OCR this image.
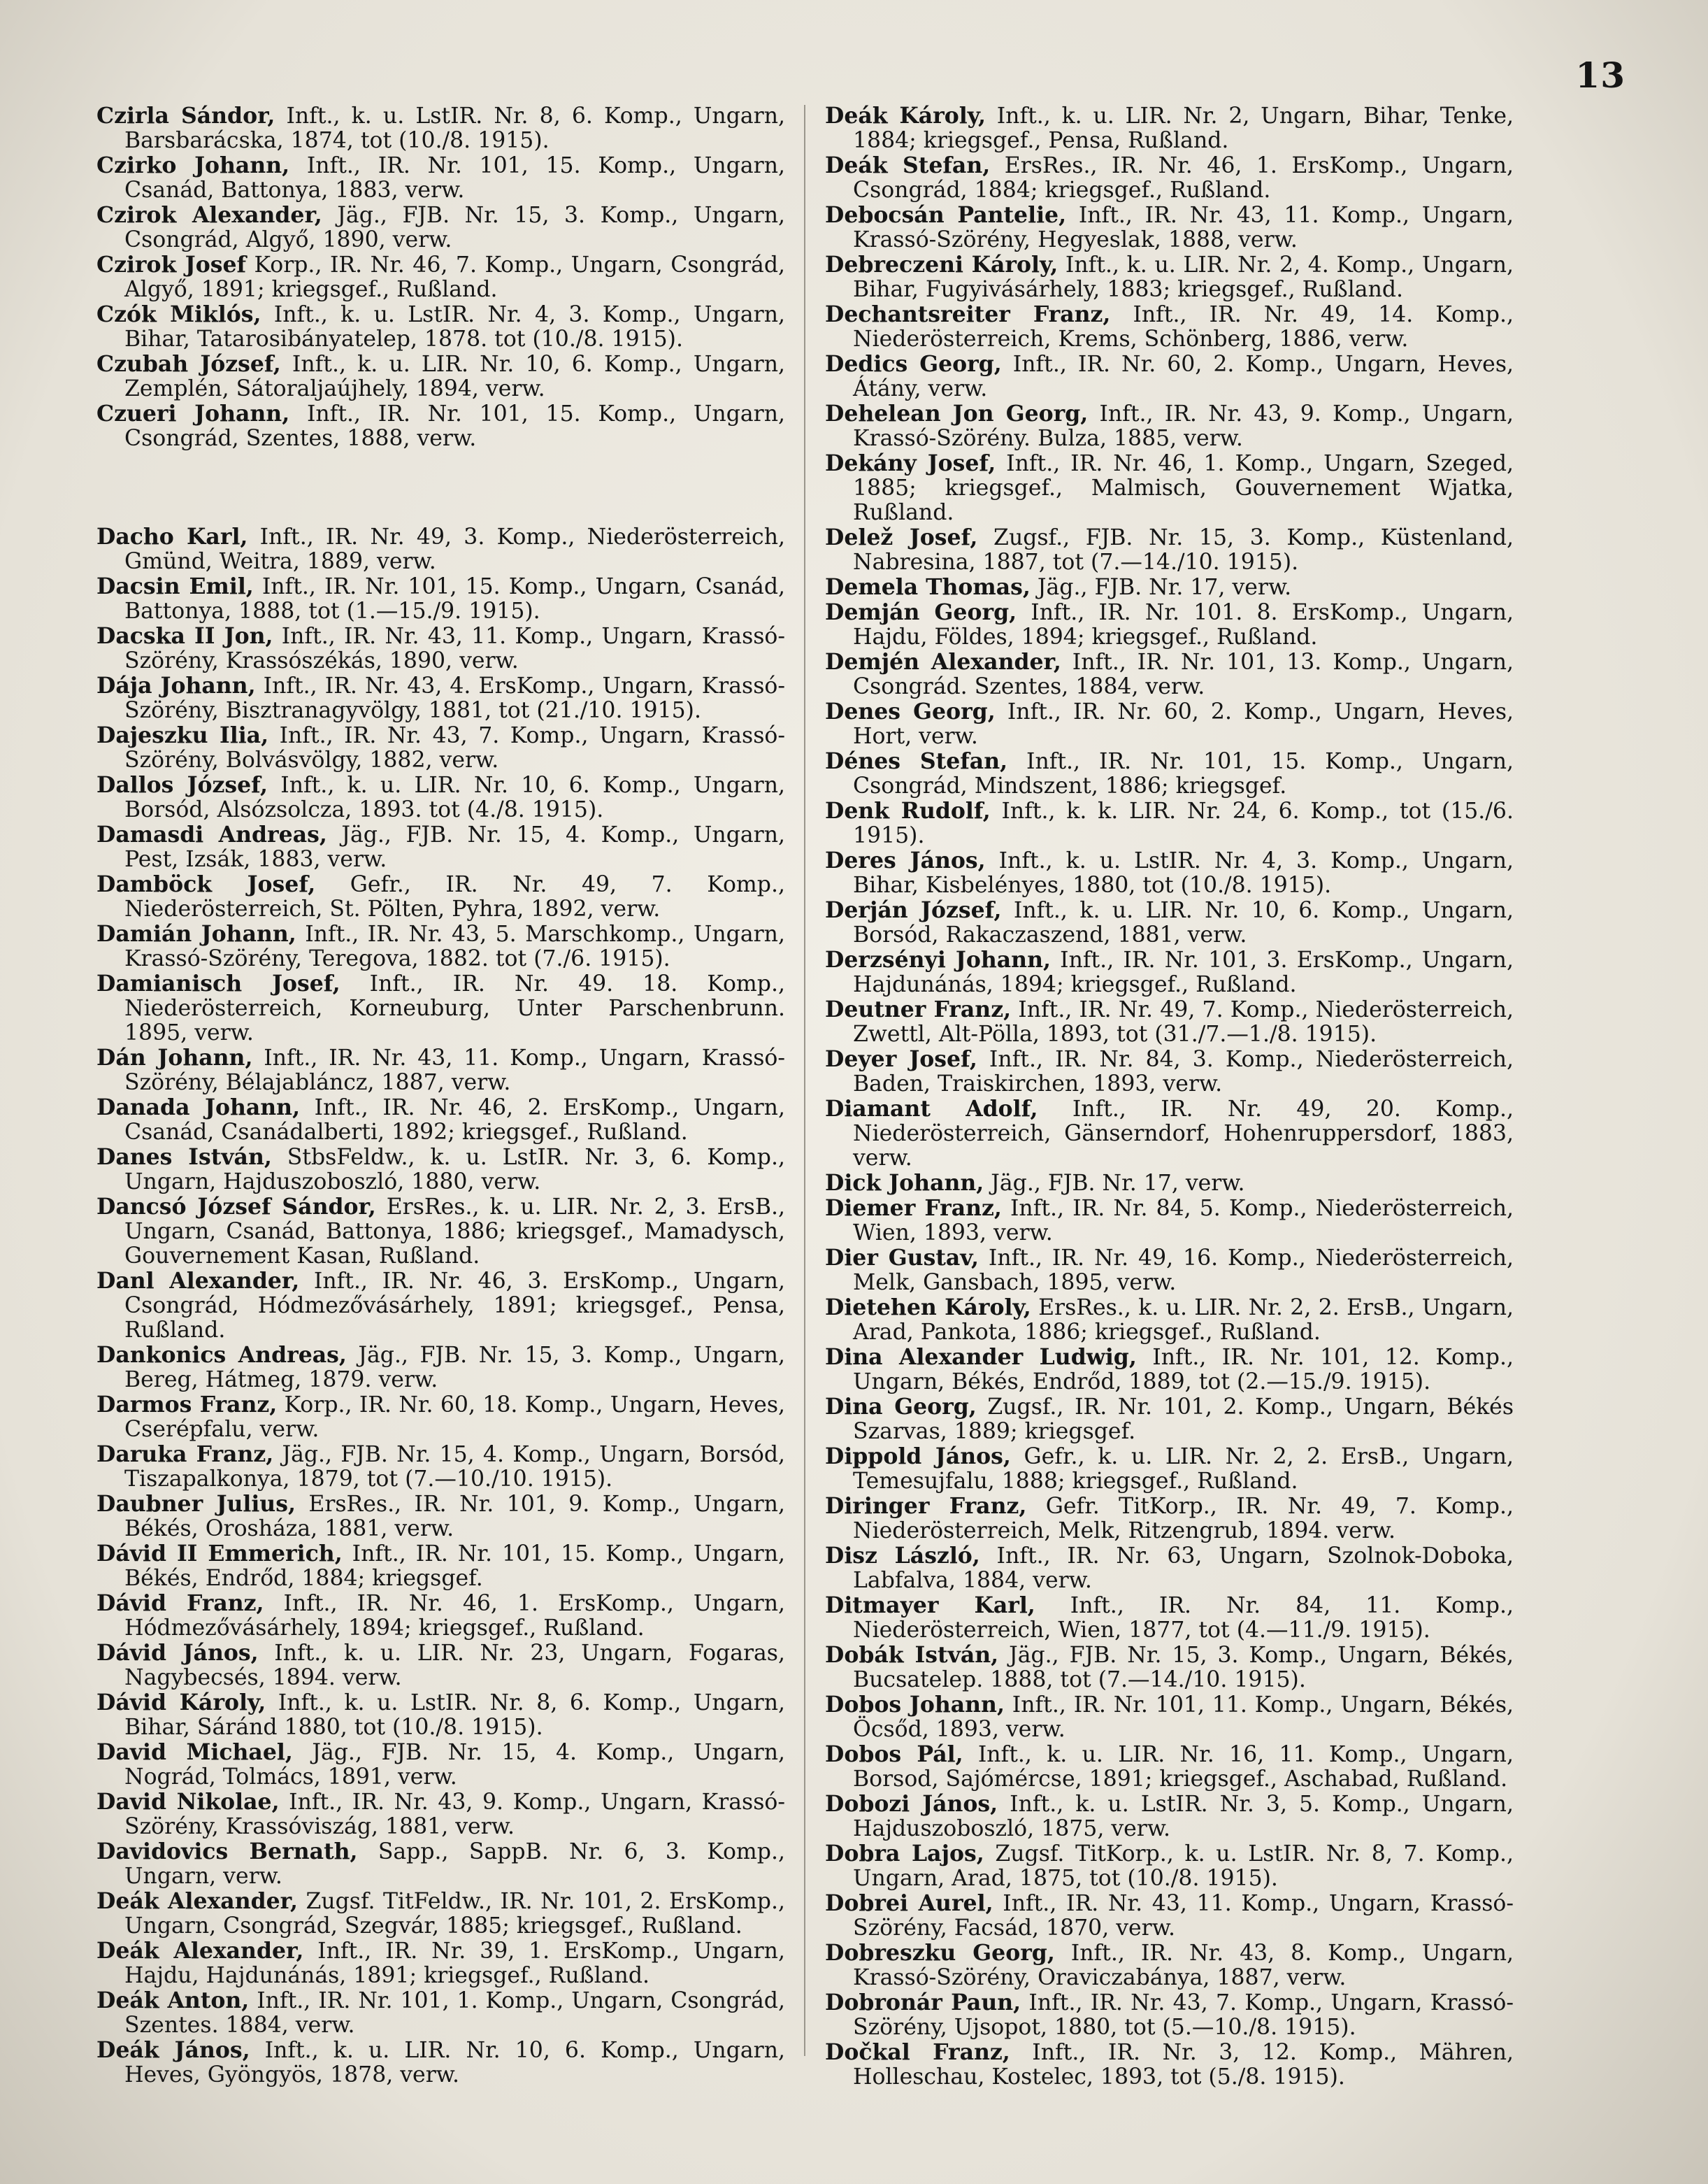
13

Czirla Sándor, Inft., k. u. LstIR. Nr. 8, 6. Komp., Ungarn, Barsbarácska, 1874, tot (10./8. 1915).

Czirko Johann, Inft., IR. Nr. 101, 15. Komp., Ungarn, Csanád, Battonya, 1883, verw.

Czirok Alexander, Jäg., FJB. Nr. 15, 3. Komp., Ungarn, Csongrád, Algyő, 1890, verw.

Czirok Josef Korp., IR. Nr. 46, 7. Komp., Ungarn, Csongrád, Algyő, 1891; kriegsgef., Rußland.

Czók Miklós, Inft., k. u. LstIR. Nr. 4, 3. Komp., Ungarn, Bihar, Tatarosibányatelep, 1878. tot (10./8. 1915).

Czubah József, Inft., k. u. LIR. Nr. 10, 6. Komp., Ungarn, Zemplén, Sátoraljaújhely, 1894, verw.

Czueri Johann, Inft., IR. Nr. 101, 15. Komp., Ungarn, Csongrád, Szentes, 1888, verw.

Dacho Karl, Inft., IR. Nr. 49, 3. Komp., Niederösterreich, Gmünd, Weitra, 1889, verw.

Dacsin Emil, Inft., IR. Nr. 101, 15. Komp., Ungarn, Csanád, Battonya, 1888, tot (1.—15./9. 1915).

Dacska II Jon, Inft., IR. Nr. 43, 11. Komp., Ungarn, Krassó-Szörény, Krassószékás, 1890, verw.

Dája Johann, Inft., IR. Nr. 43, 4. ErsKomp., Ungarn, Krassó-Szörény, Bisztranagyvölgy, 1881, tot (21./10. 1915).

Dajeszku Ilia, Inft., IR. Nr. 43, 7. Komp., Ungarn, Krassó-Szörény, Bolvásvölgy, 1882, verw.

Dallos József, Inft., k. u. LIR. Nr. 10, 6. Komp., Ungarn, Borsód, Alsózsolcza, 1893. tot (4./8. 1915).

Damasdi Andreas, Jäg., FJB. Nr. 15, 4. Komp., Ungarn, Pest, Izsák, 1883, verw.

Damböck Josef, Gefr., IR. Nr. 49, 7. Komp., Niederösterreich, St. Pölten, Pyhra, 1892, verw.

Damián Johann, Inft., IR. Nr. 43, 5. Marschkomp., Ungarn, Krassó-Szörény, Teregova, 1882. tot (7./6. 1915).

Damianisch Josef, Inft., IR. Nr. 49. 18. Komp., Niederösterreich, Korneuburg, Unter Parschenbrunn. 1895, verw.

Dán Johann, Inft., IR. Nr. 43, 11. Komp., Ungarn, Krassó-Szörény, Bélajabláncz, 1887, verw.

Danada Johann, Inft., IR. Nr. 46, 2. ErsKomp., Ungarn, Csanád, Csanádalberti, 1892; kriegsgef., Rußland.

Danes István, StbsFeldw., k. u. LstIR. Nr. 3, 6. Komp., Ungarn, Hajduszoboszló, 1880, verw.

Dancsó József Sándor, ErsRes., k. u. LIR. Nr. 2, 3. ErsB., Ungarn, Csanád, Battonya, 1886; kriegsgef., Mamadysch, Gouvernement Kasan, Rußland.

Danl Alexander, Inft., IR. Nr. 46, 3. ErsKomp., Ungarn, Csongrád, Hódmezővásárhely, 1891; kriegsgef., Pensa, Rußland.

Dankonics Andreas, Jäg., FJB. Nr. 15, 3. Komp., Ungarn, Bereg, Hátmeg, 1879. verw.

Darmos Franz, Korp., IR. Nr. 60, 18. Komp., Ungarn, Heves, Cserépfalu, verw.

Daruka Franz, Jäg., FJB. Nr. 15, 4. Komp., Ungarn, Borsód, Tiszapalkonya, 1879, tot (7.—10./10. 1915).

Daubner Julius, ErsRes., IR. Nr. 101, 9. Komp., Ungarn, Békés, Orosháza, 1881, verw.

Dávid II Emmerich, Inft., IR. Nr. 101, 15. Komp., Ungarn, Békés, Endrőd, 1884; kriegsgef.

Dávid Franz, Inft., IR. Nr. 46, 1. ErsKomp., Ungarn, Hódmezővásárhely, 1894; kriegsgef., Rußland.

Dávid János, Inft., k. u. LIR. Nr. 23, Ungarn, Fogaras, Nagybecsés, 1894. verw.

Dávid Károly, Inft., k. u. LstIR. Nr. 8, 6. Komp., Ungarn, Bihar, Sáránd 1880, tot (10./8. 1915).

David Michael, Jäg., FJB. Nr. 15, 4. Komp., Ungarn, Nográd, Tolmács, 1891, verw.

David Nikolae, Inft., IR. Nr. 43, 9. Komp., Ungarn, Krassó-Szörény, Krassóviszág, 1881, verw.

Davidovics Bernath, Sapp., SappB. Nr. 6, 3. Komp., Ungarn, verw.

Deák Alexander, Zugsf. TitFeldw., IR. Nr. 101, 2. ErsKomp., Ungarn, Csongrád, Szegvár, 1885; kriegsgef., Rußland.

Deák Alexander, Inft., IR. Nr. 39, 1. ErsKomp., Ungarn, Hajdu, Hajdunánás, 1891; kriegsgef., Rußland.

Deák Anton, Inft., IR. Nr. 101, 1. Komp., Ungarn, Csongrád, Szentes. 1884, verw.

Deák János, Inft., k. u. LIR. Nr. 10, 6. Komp., Ungarn, Heves, Gyöngyös, 1878, verw.

Deák Károly, Inft., k. u. LIR. Nr. 2, Ungarn, Bihar, Tenke, 1884; kriegsgef., Pensa, Rußland.

Deák Stefan, ErsRes., IR. Nr. 46, 1. ErsKomp., Ungarn, Csongrád, 1884; kriegsgef., Rußland.

Debocsán Pantelie, Inft., IR. Nr. 43, 11. Komp., Ungarn, Krassó-Szörény, Hegyeslak, 1888, verw.

Debreczeni Károly, Inft., k. u. LIR. Nr. 2, 4. Komp., Ungarn, Bihar, Fugyivásárhely, 1883; kriegsgef., Rußland.

Dechantsreiter Franz, Inft., IR. Nr. 49, 14. Komp., Niederösterreich, Krems, Schönberg, 1886, verw.

Dedics Georg, Inft., IR. Nr. 60, 2. Komp., Ungarn, Heves, Átány, verw.

Dehelean Jon Georg, Inft., IR. Nr. 43, 9. Komp., Ungarn, Krassó-Szörény. Bulza, 1885, verw.

Dekány Josef, Inft., IR. Nr. 46, 1. Komp., Ungarn, Szeged, 1885; kriegsgef., Malmisch, Gouvernement Wjatka, Rußland.

Delež Josef, Zugsf., FJB. Nr. 15, 3. Komp., Küstenland, Nabresina, 1887, tot (7.—14./10. 1915).

Demela Thomas, Jäg., FJB. Nr. 17, verw.

Demján Georg, Inft., IR. Nr. 101. 8. ErsKomp., Ungarn, Hajdu, Földes, 1894; kriegsgef., Rußland.

Demjén Alexander, Inft., IR. Nr. 101, 13. Komp., Ungarn, Csongrád. Szentes, 1884, verw.

Denes Georg, Inft., IR. Nr. 60, 2. Komp., Ungarn, Heves, Hort, verw.

Dénes Stefan, Inft., IR. Nr. 101, 15. Komp., Ungarn, Csongrád, Mindszent, 1886; kriegsgef.

Denk Rudolf, Inft., k. k. LIR. Nr. 24, 6. Komp., tot (15./6. 1915).

Deres János, Inft., k. u. LstIR. Nr. 4, 3. Komp., Ungarn, Bihar, Kisbelényes, 1880, tot (10./8. 1915).

Derján József, Inft., k. u. LIR. Nr. 10, 6. Komp., Ungarn, Borsód, Rakaczaszend, 1881, verw.

Derzsényi Johann, Inft., IR. Nr. 101, 3. ErsKomp., Ungarn, Hajdunánás, 1894; kriegsgef., Rußland.

Deutner Franz, Inft., IR. Nr. 49, 7. Komp., Niederösterreich, Zwettl, Alt-Pölla, 1893, tot (31./7.—1./8. 1915).

Deyer Josef, Inft., IR. Nr. 84, 3. Komp., Niederösterreich, Baden, Traiskirchen, 1893, verw.

Diamant Adolf, Inft., IR. Nr. 49, 20. Komp., Niederösterreich, Gänserndorf, Hohenruppersdorf, 1883, verw.

Dick Johann, Jäg., FJB. Nr. 17, verw.

Diemer Franz, Inft., IR. Nr. 84, 5. Komp., Niederösterreich, Wien, 1893, verw.

Dier Gustav, Inft., IR. Nr. 49, 16. Komp., Niederösterreich, Melk, Gansbach, 1895, verw.

Dietehen Károly, ErsRes., k. u. LIR. Nr. 2, 2. ErsB., Ungarn, Arad, Pankota, 1886; kriegsgef., Rußland.

Dina Alexander Ludwig, Inft., IR. Nr. 101, 12. Komp., Ungarn, Békés, Endrőd, 1889, tot (2.—15./9. 1915).

Dina Georg, Zugsf., IR. Nr. 101, 2. Komp., Ungarn, Békés Szarvas, 1889; kriegsgef.

Dippold János, Gefr., k. u. LIR. Nr. 2, 2. ErsB., Ungarn, Temesujfalu, 1888; kriegsgef., Rußland.

Diringer Franz, Gefr. TitKorp., IR. Nr. 49, 7. Komp., Niederösterreich, Melk, Ritzengrub, 1894. verw.

Disz László, Inft., IR. Nr. 63, Ungarn, Szolnok-Doboka, Labfalva, 1884, verw.

Ditmayer Karl, Inft., IR. Nr. 84, 11. Komp., Niederösterreich, Wien, 1877, tot (4.—11./9. 1915).

Dobák István, Jäg., FJB. Nr. 15, 3. Komp., Ungarn, Békés, Bucsatelep. 1888, tot (7.—14./10. 1915).

Dobos Johann, Inft., IR. Nr. 101, 11. Komp., Ungarn, Békés, Öcsőd, 1893, verw.

Dobos Pál, Inft., k. u. LIR. Nr. 16, 11. Komp., Ungarn, Borsod, Sajómércse, 1891; kriegsgef., Aschabad, Rußland.

Dobozi János, Inft., k. u. LstIR. Nr. 3, 5. Komp., Ungarn, Hajduszoboszló, 1875, verw.

Dobra Lajos, Zugsf. TitKorp., k. u. LstIR. Nr. 8, 7. Komp., Ungarn, Arad, 1875, tot (10./8. 1915).

Dobrei Aurel, Inft., IR. Nr. 43, 11. Komp., Ungarn, Krassó-Szörény, Facsád, 1870, verw.

Dobreszku Georg, Inft., IR. Nr. 43, 8. Komp., Ungarn, Krassó-Szörény, Oraviczabánya, 1887, verw.

Dobronár Paun, Inft., IR. Nr. 43, 7. Komp., Ungarn, Krassó-Szörény, Ujsopot, 1880, tot (5.—10./8. 1915).

Dočkal Franz, Inft., IR. Nr. 3, 12. Komp., Mähren, Holleschau, Kostelec, 1893, tot (5./8. 1915).
